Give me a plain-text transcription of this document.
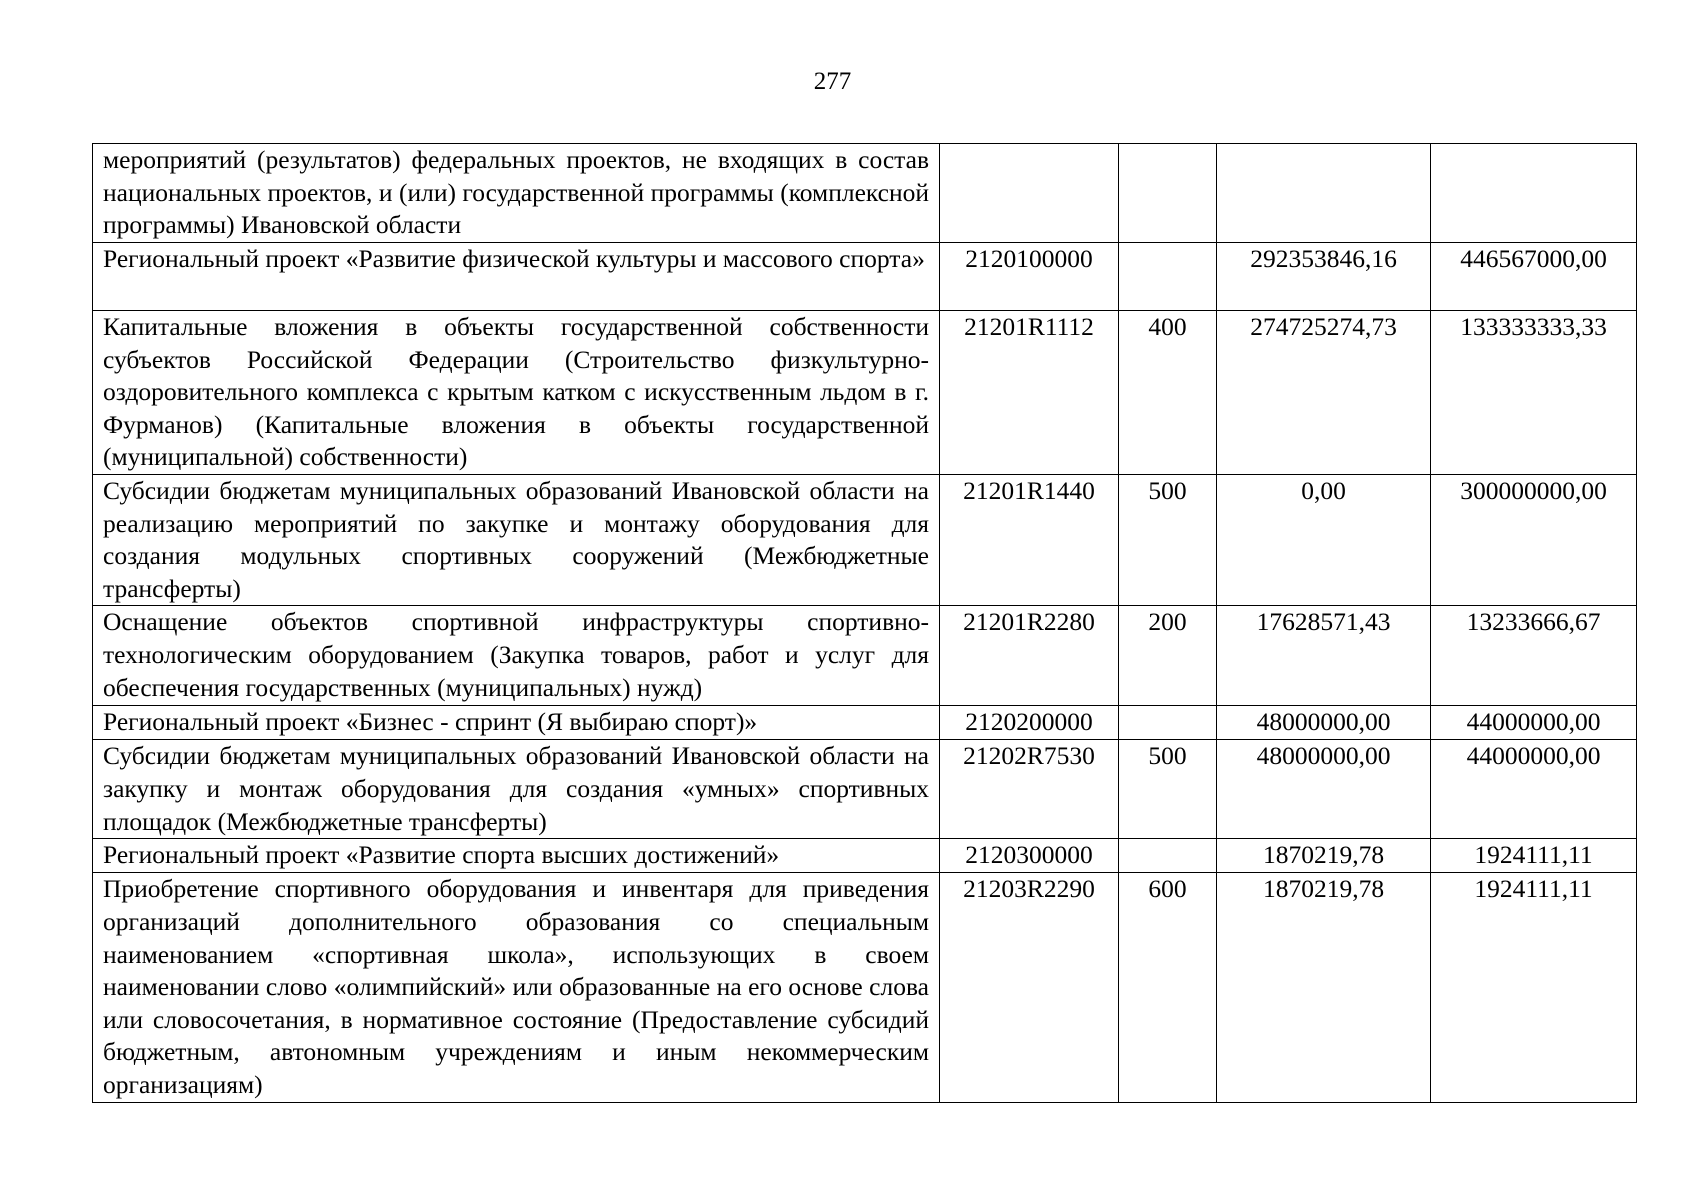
277
мероприятий (результатов) федеральных проектов, не входящих в состав национальных проектов, и (или) государственной программы (комплексной программы) Ивановской области				
Региональный проект «Развитие физической культуры и массового спорта»	2120100000		292353846,16	446567000,00
Капитальные вложения в объекты государственной собственности субъектов Российской Федерации (Строительство физкультурно-оздоровительного комплекса с крытым катком с искусственным льдом в г. Фурманов) (Капитальные вложения в объекты государственной (муниципальной) собственности)	21201R1112	400	274725274,73	133333333,33
Субсидии бюджетам муниципальных образований Ивановской области на реализацию мероприятий по закупке и монтажу оборудования для создания модульных спортивных сооружений (Межбюджетные трансферты)	21201R1440	500	0,00	300000000,00
Оснащение объектов спортивной инфраструктуры спортивно-технологическим оборудованием (Закупка товаров, работ и услуг для обеспечения государственных (муниципальных) нужд)	21201R2280	200	17628571,43	13233666,67
Региональный проект «Бизнес - спринт (Я выбираю спорт)»	2120200000		48000000,00	44000000,00
Субсидии бюджетам муниципальных образований Ивановской области на закупку и монтаж оборудования для создания «умных» спортивных площадок (Межбюджетные трансферты)	21202R7530	500	48000000,00	44000000,00
Региональный проект «Развитие спорта высших достижений»	2120300000		1870219,78	1924111,11
Приобретение спортивного оборудования и инвентаря для приведения организаций дополнительного образования со специальным наименованием «спортивная школа», использующих в своем наименовании слово «олимпийский» или образованные на его основе слова или словосочетания, в нормативное состояние (Предоставление субсидий бюджетным, автономным учреждениям и иным некоммерческим организациям)	21203R2290	600	1870219,78	1924111,11
